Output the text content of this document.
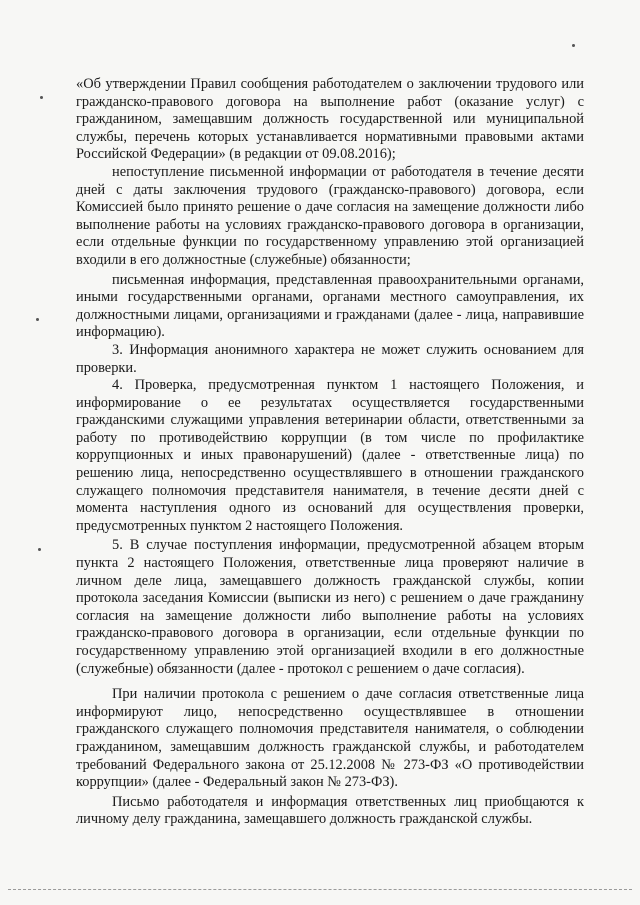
«Об утверждении Правил сообщения работодателем о заключении трудового или гражданско-правового договора на выполнение работ (оказание услуг) с гражданином, замещавшим должность государственной или муниципальной службы, перечень которых устанавливается нормативными правовыми актами Российской Федерации» (в редакции от 09.08.2016);

непоступление письменной информации от работодателя в течение десяти дней с даты заключения трудового (гражданско-правового) договора, если Комиссией было принято решение о даче согласия на замещение должности либо выполнение работы на условиях гражданско-правового договора в организации, если отдельные функции по государственному управлению этой организацией входили в его должностные (служебные) обязанности;

письменная информация, представленная правоохранительными органами, иными государственными органами, органами местного самоуправления, их должностными лицами, организациями и гражданами (далее - лица, направившие информацию).

3. Информация анонимного характера не может служить основанием для проверки.

4. Проверка, предусмотренная пунктом 1 настоящего Положения, и информирование о ее результатах осуществляется государственными гражданскими служащими управления ветеринарии области, ответственными за работу по противодействию коррупции (в том числе по профилактике коррупционных и иных правонарушений) (далее - ответственные лица) по решению лица, непосредственно осуществлявшего в отношении гражданского служащего полномочия представителя нанимателя, в течение десяти дней с момента наступления одного из оснований для осуществления проверки, предусмотренных пунктом 2 настоящего Положения.

5. В случае поступления информации, предусмотренной абзацем вторым пункта 2 настоящего Положения, ответственные лица проверяют наличие в личном деле лица, замещавшего должность гражданской службы, копии протокола заседания Комиссии (выписки из него) с решением о даче гражданину согласия на замещение должности либо выполнение работы на условиях гражданско-правового договора в организации, если отдельные функции по государственному управлению этой организацией входили в его должностные (служебные) обязанности (далее - протокол с решением о даче согласия).

При наличии протокола с решением о даче согласия ответственные лица информируют лицо, непосредственно осуществлявшее в отношении гражданского служащего полномочия представителя нанимателя, о соблюдении гражданином, замещавшим должность гражданской службы, и работодателем требований Федерального закона от 25.12.2008 № 273-ФЗ «О противодействии коррупции» (далее - Федеральный закон № 273-ФЗ).

Письмо работодателя и информация ответственных лиц приобщаются к личному делу гражданина, замещавшего должность гражданской службы.
